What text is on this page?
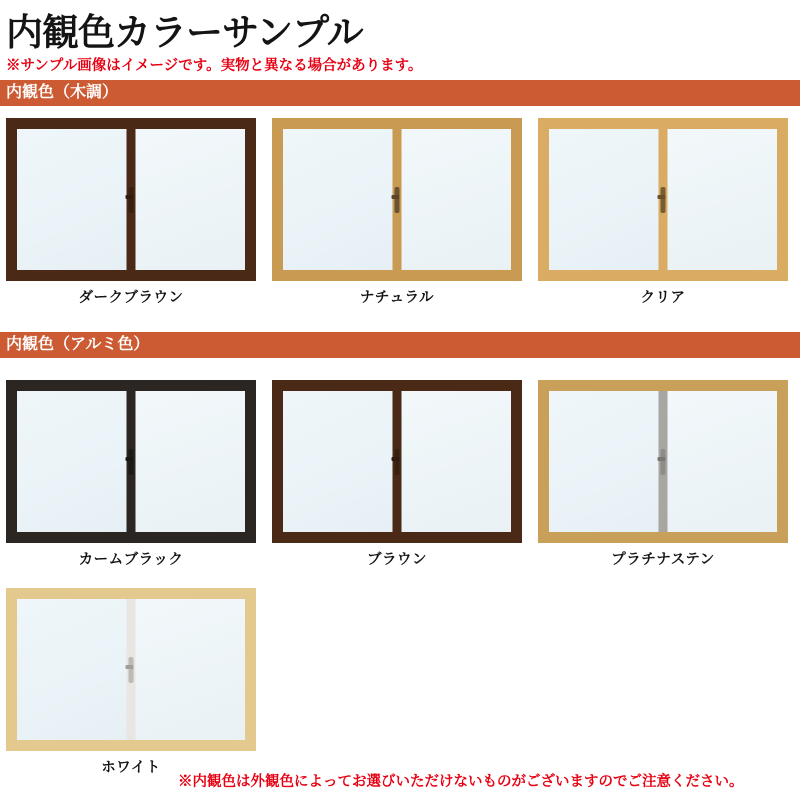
内観色カラーサンプル
※サンプル画像はイメージです。実物と異なる場合があります。
内観色（木調）
ダークブラウン	ナチュラル	クリア
内観色（アルミ色）
カームブラック	ブラウン	プラチナステン
ホワイト
※内観色は外観色によってお選びいただけないものがございますのでご注意ください。
